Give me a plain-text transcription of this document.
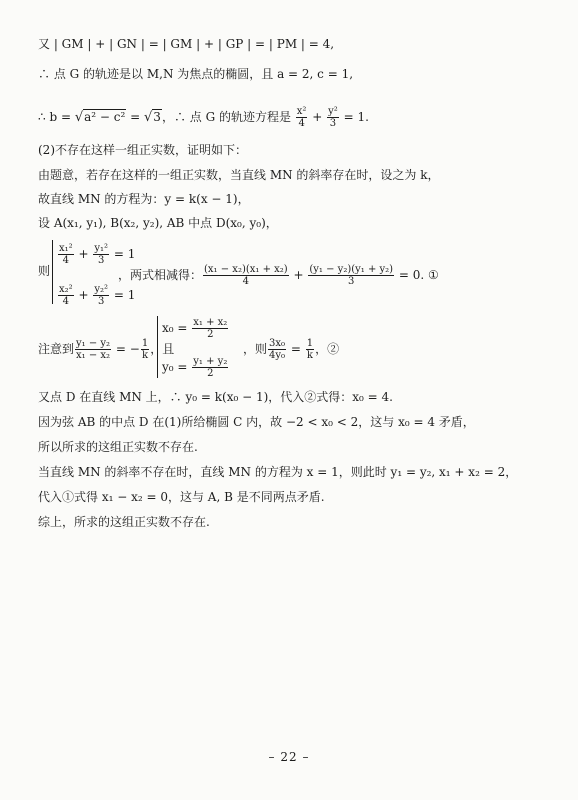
又 | GM | + | GN | = | GM | + | GP | = | PM | = 4,
∴ 点 G 的轨迹是以 M,N 为焦点的椭圆，且 a = 2, c = 1,
∴ b = √a² − c² = √3，∴ 点 G 的轨迹方程是 $\frac{\text{x²}}{4} + \frac{\text{y²}}{3} = 1$.
(2)不存在这样一组正实数，证明如下：
由题意，若存在这样的一组正实数，当直线 MN 的斜率存在时，设之为 k，
故直线 MN 的方程为：y = k(x − 1)，
设 A(x₁, y₁), B(x₂, y₂), AB 中点 D(x₀, y₀)，
则
$\frac{\text{x₁²}}{4} + \frac{\text{y₁²}}{3} = 1$
$\frac{\text{x₂²}}{4} + \frac{\text{y₂²}}{3} = 1$
，两式相减得： $\frac{\text{(x₁ − x₂)(x₁ + x₂)}}{4} + \frac{\text{(y₁ − y₂)(y₁ + y₂)}}{3} = 0$. ①
注意到 $\frac{\text{y₁ − y₂}}{\text{x₁ − x₂}}$ = − $\frac{1}{k}$ ，且
$x_0 = \frac{\text{x₁ + x₂}}{2}$
$y_0 = \frac{\text{y₁ + y₂}}{2}$
，则 $\frac{\text{3x₀}}{\text{4y₀}} = \frac{1}{k}$ ，②
又点 D 在直线 MN 上，∴ y₀ = k(x₀ − 1)，代入②式得：x₀ = 4.
因为弦 AB 的中点 D 在(1)所给椭圆 C 内，故 −2 < x₀ < 2，这与 x₀ = 4 矛盾，
所以所求的这组正实数不存在.
当直线 MN 的斜率不存在时，直线 MN 的方程为 x = 1，则此时 y₁ = y₂, x₁ + x₂ = 2，
代入①式得 x₁ − x₂ = 0，这与 A, B 是不同两点矛盾.
综上，所求的这组正实数不存在.
– 22 –
